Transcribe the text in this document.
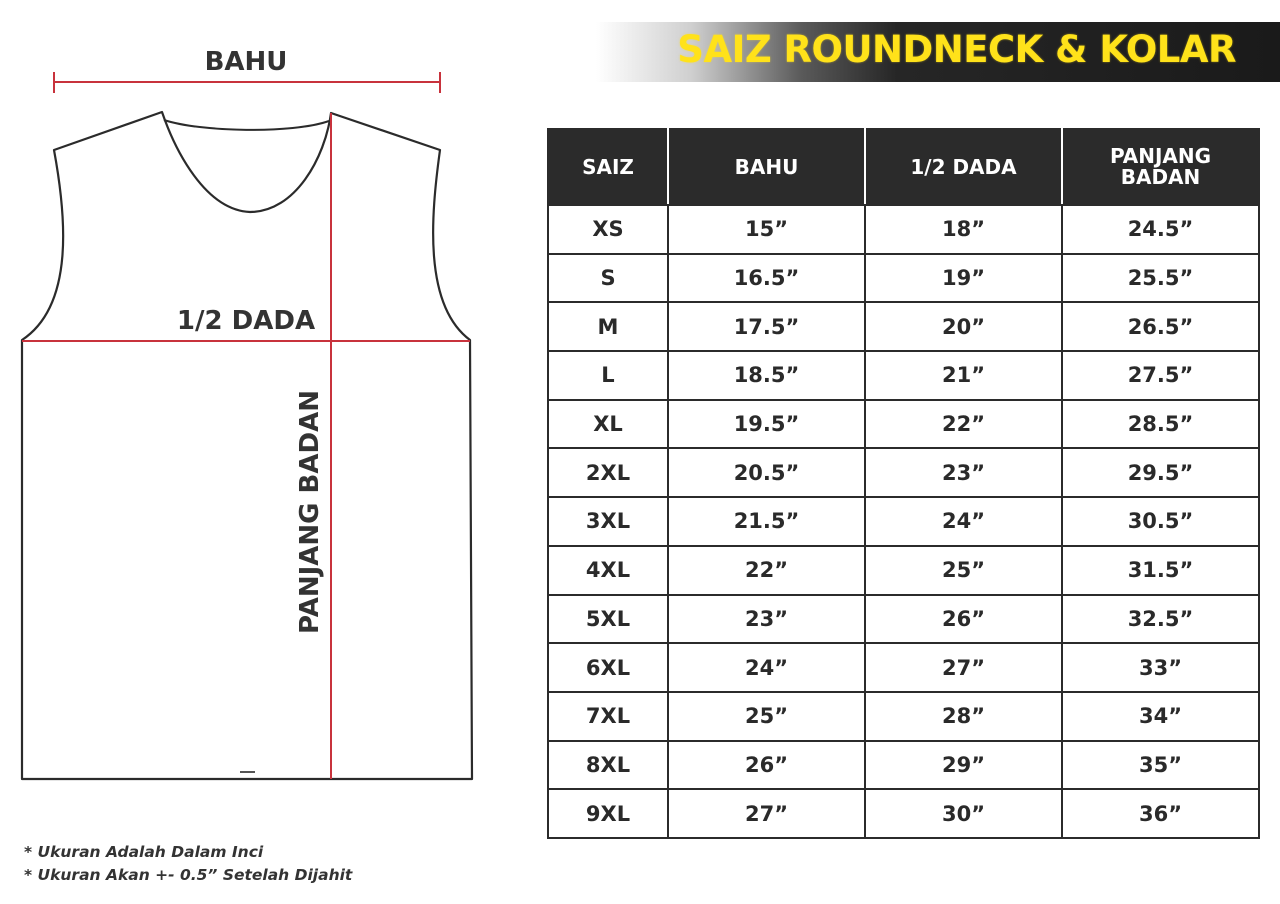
BAHU
1/2 DADA
PANJANG BADAN
SAIZ ROUNDNECK & KOLAR
SAIZ	BAHU	1/2 DADA	PANJANG
BADAN

XS	15”	18”	24.5”
S	16.5”	19”	25.5”
M	17.5”	20”	26.5”
L	18.5”	21”	27.5”
XL	19.5”	22”	28.5”
2XL	20.5”	23”	29.5”
3XL	21.5”	24”	30.5”
4XL	22”	25”	31.5”
5XL	23”	26”	32.5”
6XL	24”	27”	33”
7XL	25”	28”	34”
8XL	26”	29”	35”
9XL	27”	30”	36”
* Ukuran Adalah Dalam Inci
* Ukuran Akan +- 0.5” Setelah Dijahit
